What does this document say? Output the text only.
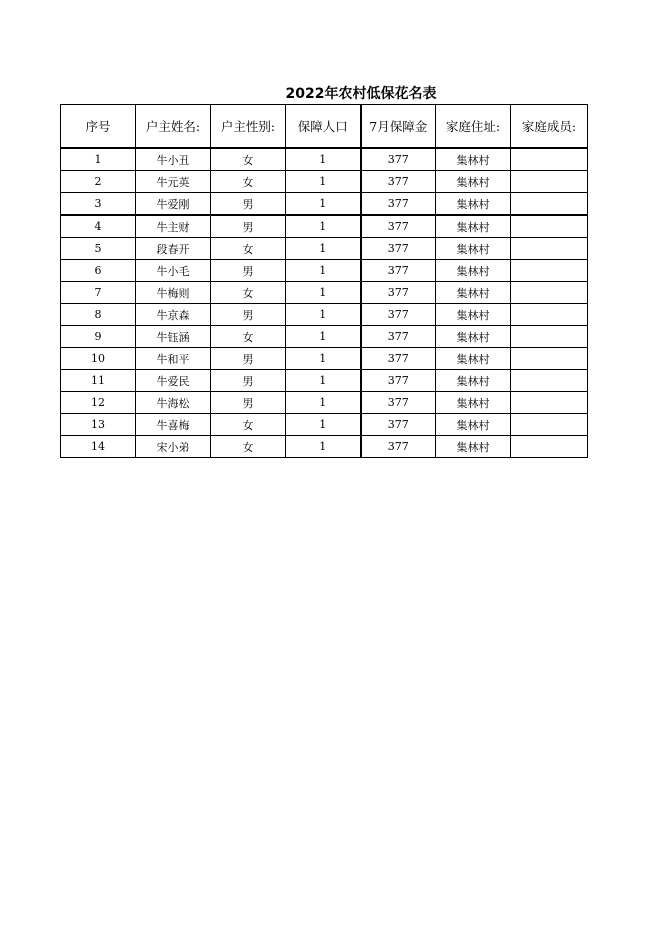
2022年农村低保花名表
序号	户主姓名:	户主性别:	保障人口	7月保障金	家庭住址:	家庭成员:
1	牛小丑	女	1	377	集林村	
2	牛元英	女	1	377	集林村	
3	牛爱刚	男	1	377	集林村	
4	牛主财	男	1	377	集林村	
5	段春开	女	1	377	集林村	
6	牛小毛	男	1	377	集林村	
7	牛梅则	女	1	377	集林村	
8	牛京森	男	1	377	集林村	
9	牛钰涵	女	1	377	集林村	
10	牛和平	男	1	377	集林村	
11	牛爱民	男	1	377	集林村	
12	牛海松	男	1	377	集林村	
13	牛喜梅	女	1	377	集林村	
14	宋小弟	女	1	377	集林村	
